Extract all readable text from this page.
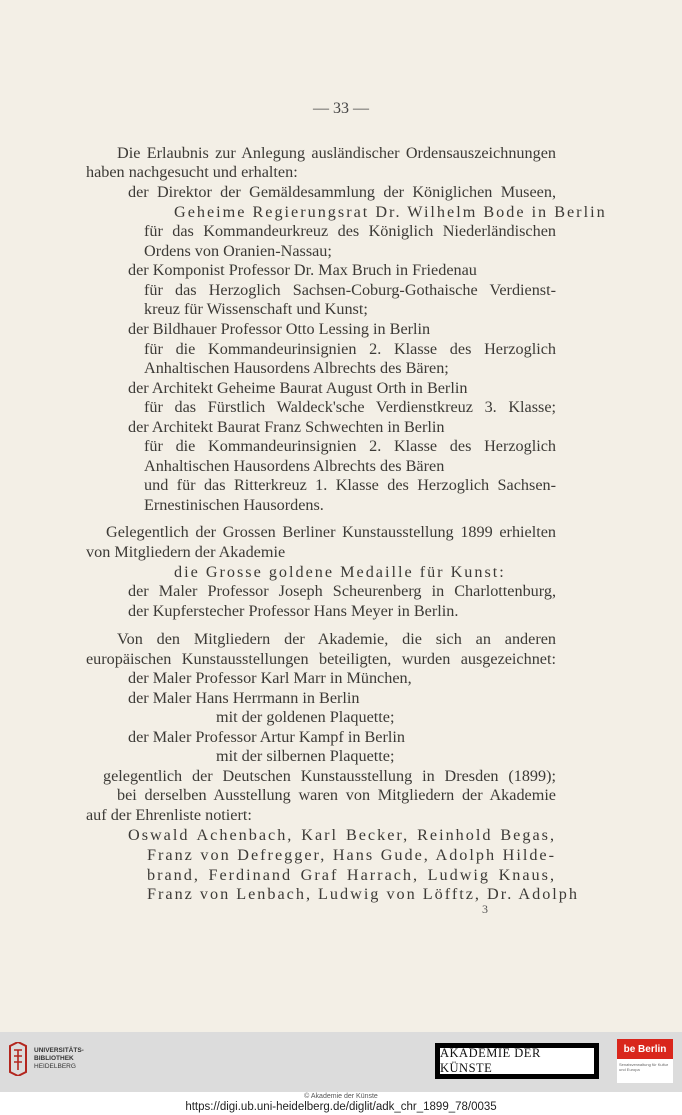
— 33 —
Die Erlaubnis zur Anlegung ausländischer Ordensauszeichnungen
haben nachgesucht und erhalten:
der Direktor der Gemäldesammlung der Königlichen Museen,
Geheime Regierungsrat Dr. Wilhelm Bode in Berlin
für das Kommandeurkreuz des Königlich Niederländischen
Ordens von Oranien-Nassau;
der Komponist Professor Dr. Max Bruch in Friedenau
für das Herzoglich Sachsen-Coburg-Gothaische Verdienst-
kreuz für Wissenschaft und Kunst;
der Bildhauer Professor Otto Lessing in Berlin
für die Kommandeurinsignien 2. Klasse des Herzoglich
Anhaltischen Hausordens Albrechts des Bären;
der Architekt Geheime Baurat August Orth in Berlin
für das Fürstlich Waldeck'sche Verdienstkreuz 3. Klasse;
der Architekt Baurat Franz Schwechten in Berlin
für die Kommandeurinsignien 2. Klasse des Herzoglich
Anhaltischen Hausordens Albrechts des Bären
und für das Ritterkreuz 1. Klasse des Herzoglich Sachsen-
Ernestinischen Hausordens.
Gelegentlich der Grossen Berliner Kunstausstellung 1899 erhielten
von Mitgliedern der Akademie
die Grosse goldene Medaille für Kunst:
der Maler Professor Joseph Scheurenberg in Charlottenburg,
der Kupferstecher Professor Hans Meyer in Berlin.
Von den Mitgliedern der Akademie, die sich an anderen
europäischen Kunstausstellungen beteiligten, wurden ausgezeichnet:
der Maler Professor Karl Marr in München,
der Maler Hans Herrmann in Berlin
mit der goldenen Plaquette;
der Maler Professor Artur Kampf in Berlin
mit der silbernen Plaquette;
gelegentlich der Deutschen Kunstausstellung in Dresden (1899);
bei derselben Ausstellung waren von Mitgliedern der Akademie
auf der Ehrenliste notiert:
Oswald Achenbach, Karl Becker, Reinhold Begas,
Franz von Defregger, Hans Gude, Adolph Hilde-
brand, Ferdinand Graf Harrach, Ludwig Knaus,
Franz von Lenbach, Ludwig von Löfftz, Dr. Adolph
3
UNIVERSITÄTS-
BIBLIOTHEK
HEIDELBERG
AKADEMIE DER KÜNSTE
be Berlin
Senatsverwaltung für Kultur und Europa
© Akademie der Künste
https://digi.ub.uni-heidelberg.de/diglit/adk_chr_1899_78/0035
